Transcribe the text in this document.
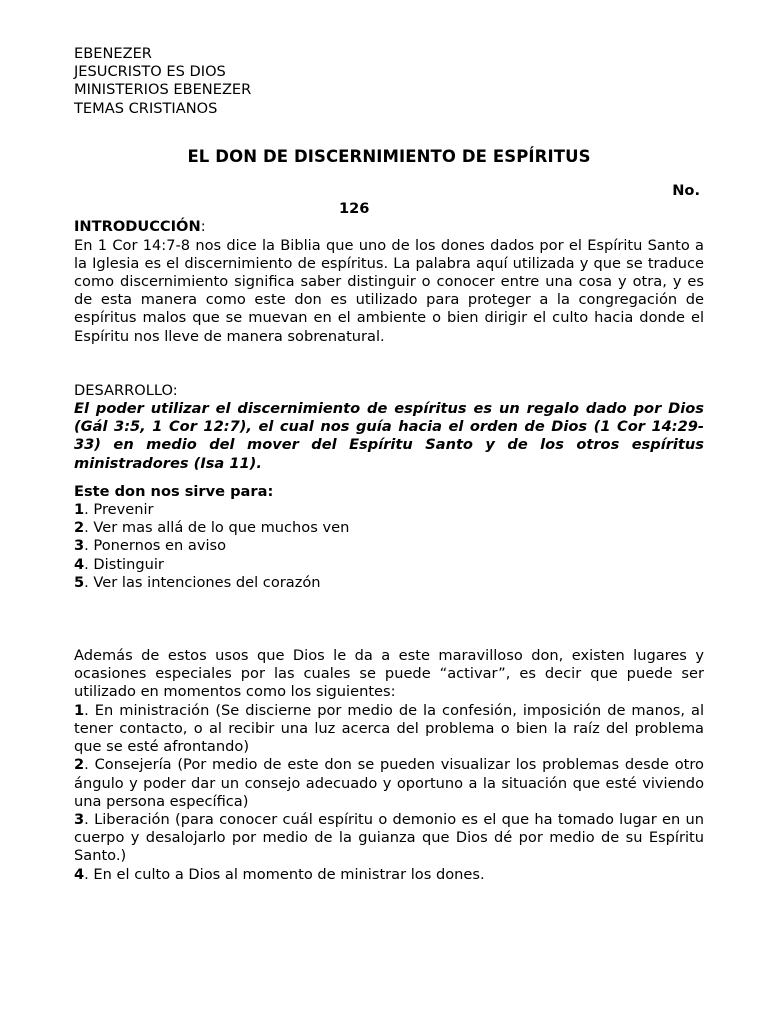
EBENEZER
JESUCRISTO ES DIOS
MINISTERIOS EBENEZER
TEMAS CRISTIANOS
EL DON DE DISCERNIMIENTO DE ESPÍRITUS
No.
126
INTRODUCCIÓN:
En 1 Cor 14:7-8 nos dice la Biblia que uno de los dones dados por el Espíritu Santo a la Iglesia es el discernimiento de espíritus. La palabra aquí utilizada y que se traduce como discernimiento significa saber distinguir o conocer entre una cosa y otra, y es de esta manera como este don es utilizado para proteger a la congregación de espíritus malos que se muevan en el ambiente o bien dirigir el culto hacia donde el Espíritu nos lleve de manera sobrenatural.
DESARROLLO:
El poder utilizar el discernimiento de espíritus es un regalo dado por Dios (Gál 3:5, 1 Cor 12:7), el cual nos guía hacia el orden de Dios (1 Cor 14:29-33) en medio del mover del Espíritu Santo y de los otros espíritus ministradores (Isa 11).
Este don nos sirve para:
1. Prevenir
2. Ver mas allá de lo que muchos ven
3. Ponernos en aviso
4. Distinguir
5. Ver las intenciones del corazón
Además de estos usos que Dios le da a este maravilloso don, existen lugares y ocasiones especiales por las cuales se puede “activar”, es decir que puede ser utilizado en momentos como los siguientes:
1. En ministración (Se discierne por medio de la confesión, imposición de manos, al tener contacto, o al recibir una luz acerca del problema o bien la raíz del problema que se esté afrontando)
2. Consejería (Por medio de este don se pueden visualizar los problemas desde otro ángulo y poder dar un consejo adecuado y oportuno a la situación que esté viviendo una persona específica)
3. Liberación (para conocer cuál espíritu o demonio es el que ha tomado lugar en un cuerpo y desalojarlo por medio de la guianza que Dios dé por medio de su Espíritu Santo.)
4. En el culto a Dios al momento de ministrar los dones.
